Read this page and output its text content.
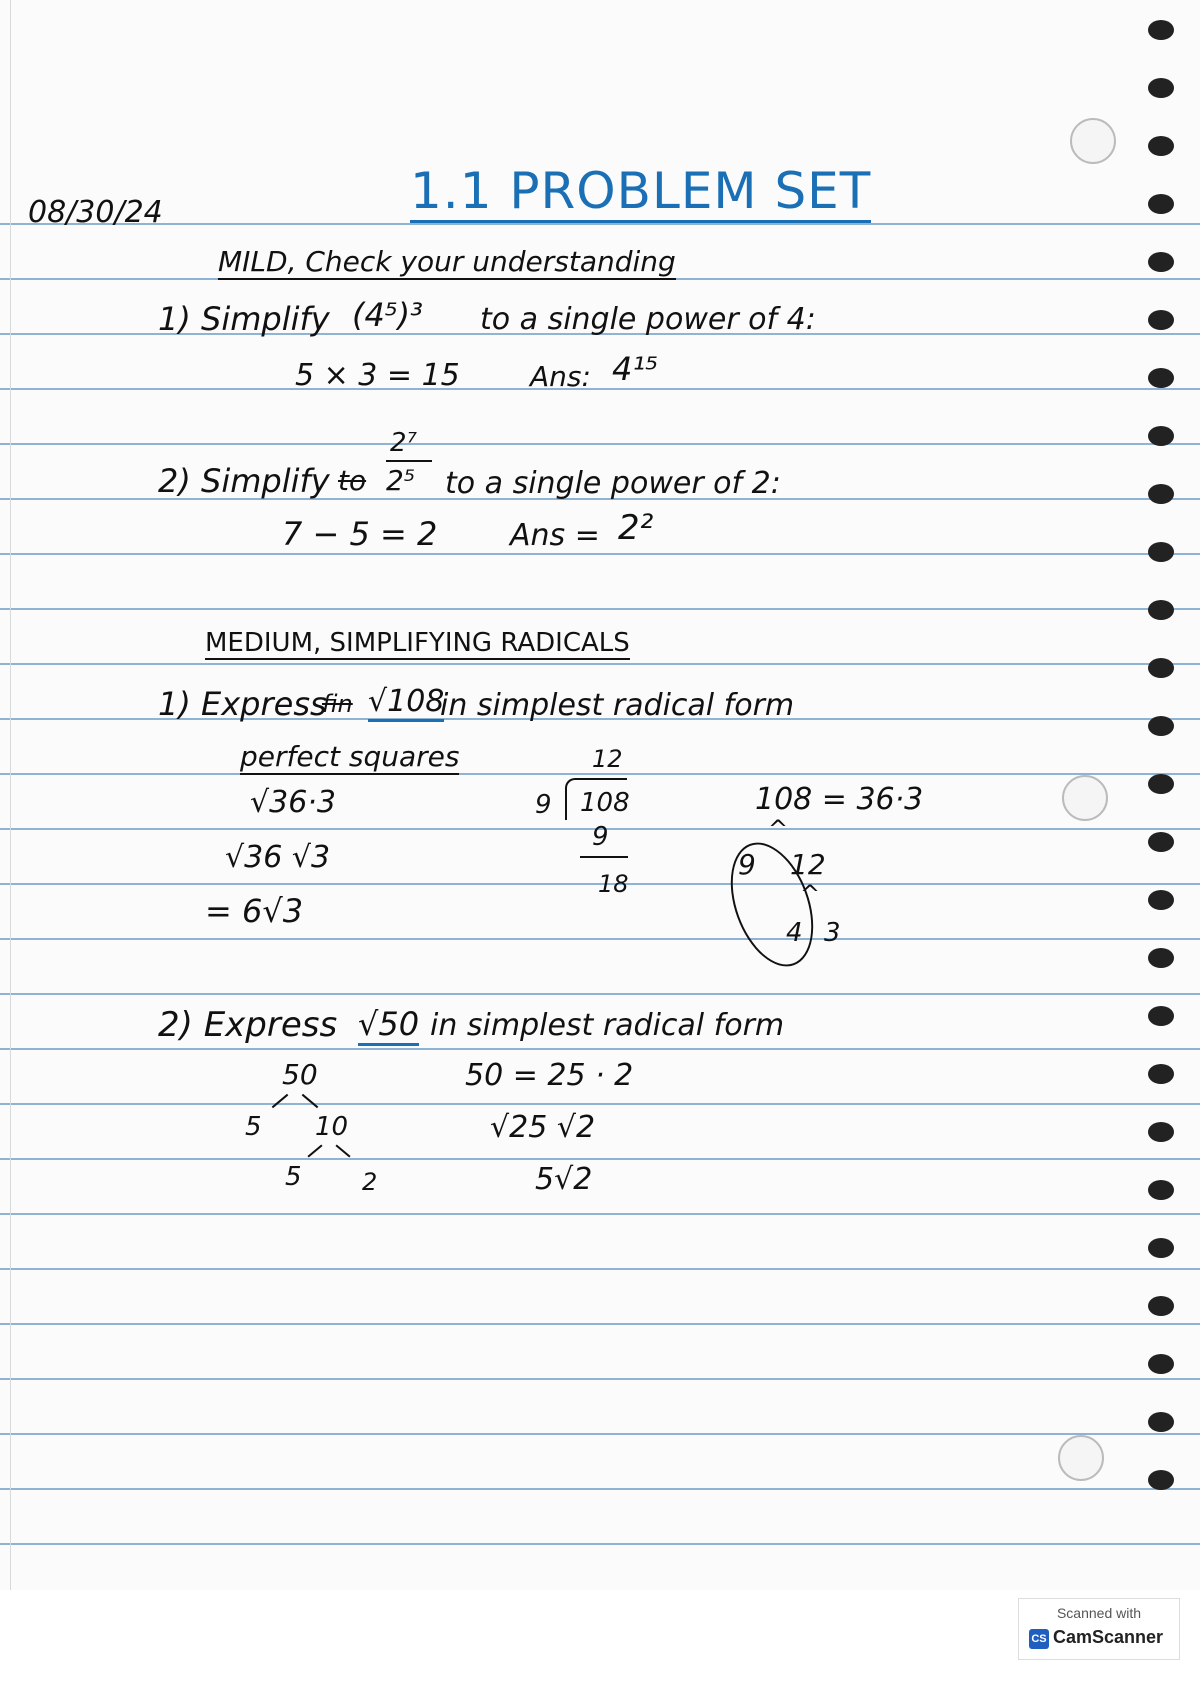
08/30/24	1.1 PROBLEM SET
MILD, Check your understanding
1) Simplify (4⁵)³ to a single power of 4:
5 × 3 = 15	Ans: 4¹⁵
2) Simplify to
2⁷
2⁵ to a single power of 2:
7 − 5 = 2 Ans = 2²
MEDIUM, SIMPLIFYING RADICALS
1) Express
fin √108
in simplest radical form
perfect squares
√36·3
√36 √3
= 6√3
12
9 108
9
18
108 = 36·3
^
9 12
^
4 3
2) Express √50 in simplest radical form
50
5 10
5	2
50 = 25 · 2
√25 √2
5√2
Scanned with
CS CamScanner
